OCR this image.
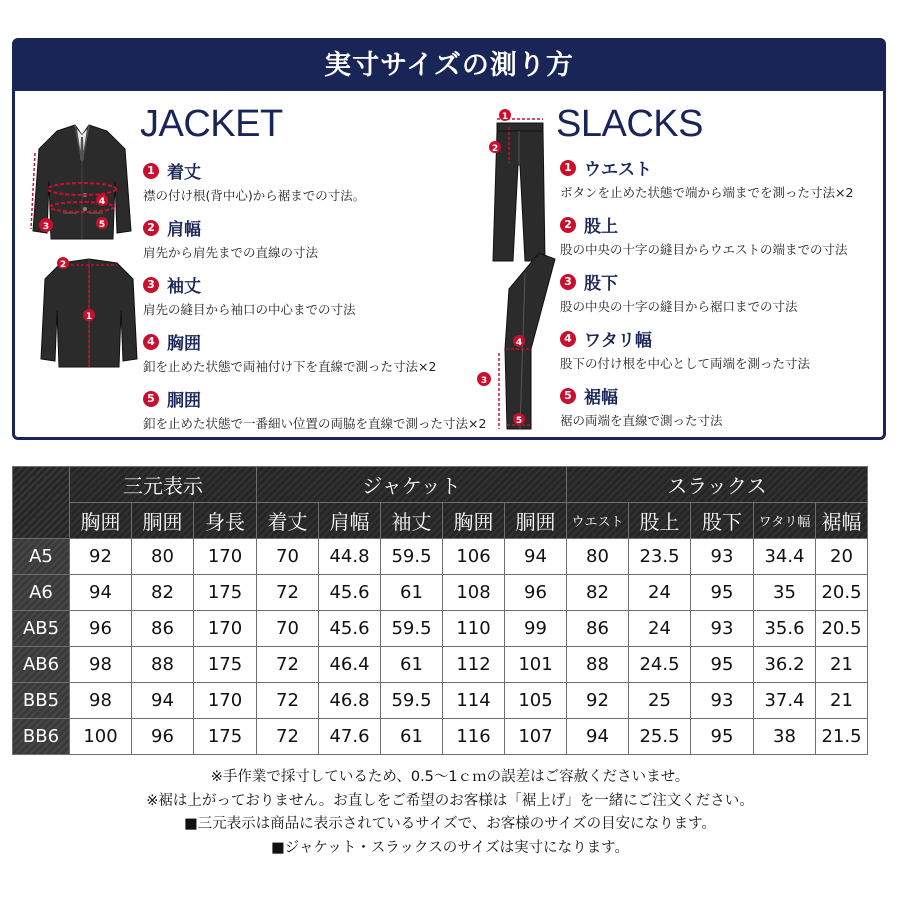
実寸サイズの測り方
4
5
3
2
1
JACKET
1 着丈
襟の付け根(背中心)から裾までの寸法。
2 肩幅
肩先から肩先までの直線の寸法
3 袖丈
肩先の縫目から袖口の中心までの寸法
4 胸囲
釦を止めた状態で両袖付け下を直線で測った寸法×2
5 胴囲
釦を止めた状態で一番細い位置の両脇を直線で測った寸法×2
1
2
4
3
5
SLACKS
1 ウエスト
ボタンを止めた状態で端から端までを測った寸法×2
2 股上
股の中央の十字の縫目からウエストの端までの寸法
3 股下
股の中央の十字の縫目から裾口までの寸法
4 ワタリ幅
股下の付け根を中心として両端を測った寸法
5 裾幅
裾の両端を直線で測った寸法
	三元表示			ジャケット					スラックス				
	胸囲	胴囲	身長	着丈	肩幅	袖丈	胸囲	胴囲	ウエスト	股上	股下	ワタリ幅	裾幅
A5	92	80	170	70	44.8	59.5	106	94	80	23.5	93	34.4	20
A6	94	82	175	72	45.6	61	108	96	82	24	95	35	20.5
AB5	96	86	170	70	45.6	59.5	110	99	86	24	93	35.6	20.5
AB6	98	88	175	72	46.4	61	112	101	88	24.5	95	36.2	21
BB5	98	94	170	72	46.8	59.5	114	105	92	25	93	37.4	21
BB6	100	96	175	72	47.6	61	116	107	94	25.5	95	38	21.5
※手作業で採寸しているため、0.5〜1ｃｍの誤差はご容赦くださいませ。
※裾は上がっておりません。お直しをご希望のお客様は「裾上げ」を一緒にご注文ください。
■三元表示は商品に表示されているサイズで、お客様のサイズの目安になります。
■ジャケット・スラックスのサイズは実寸になります。
